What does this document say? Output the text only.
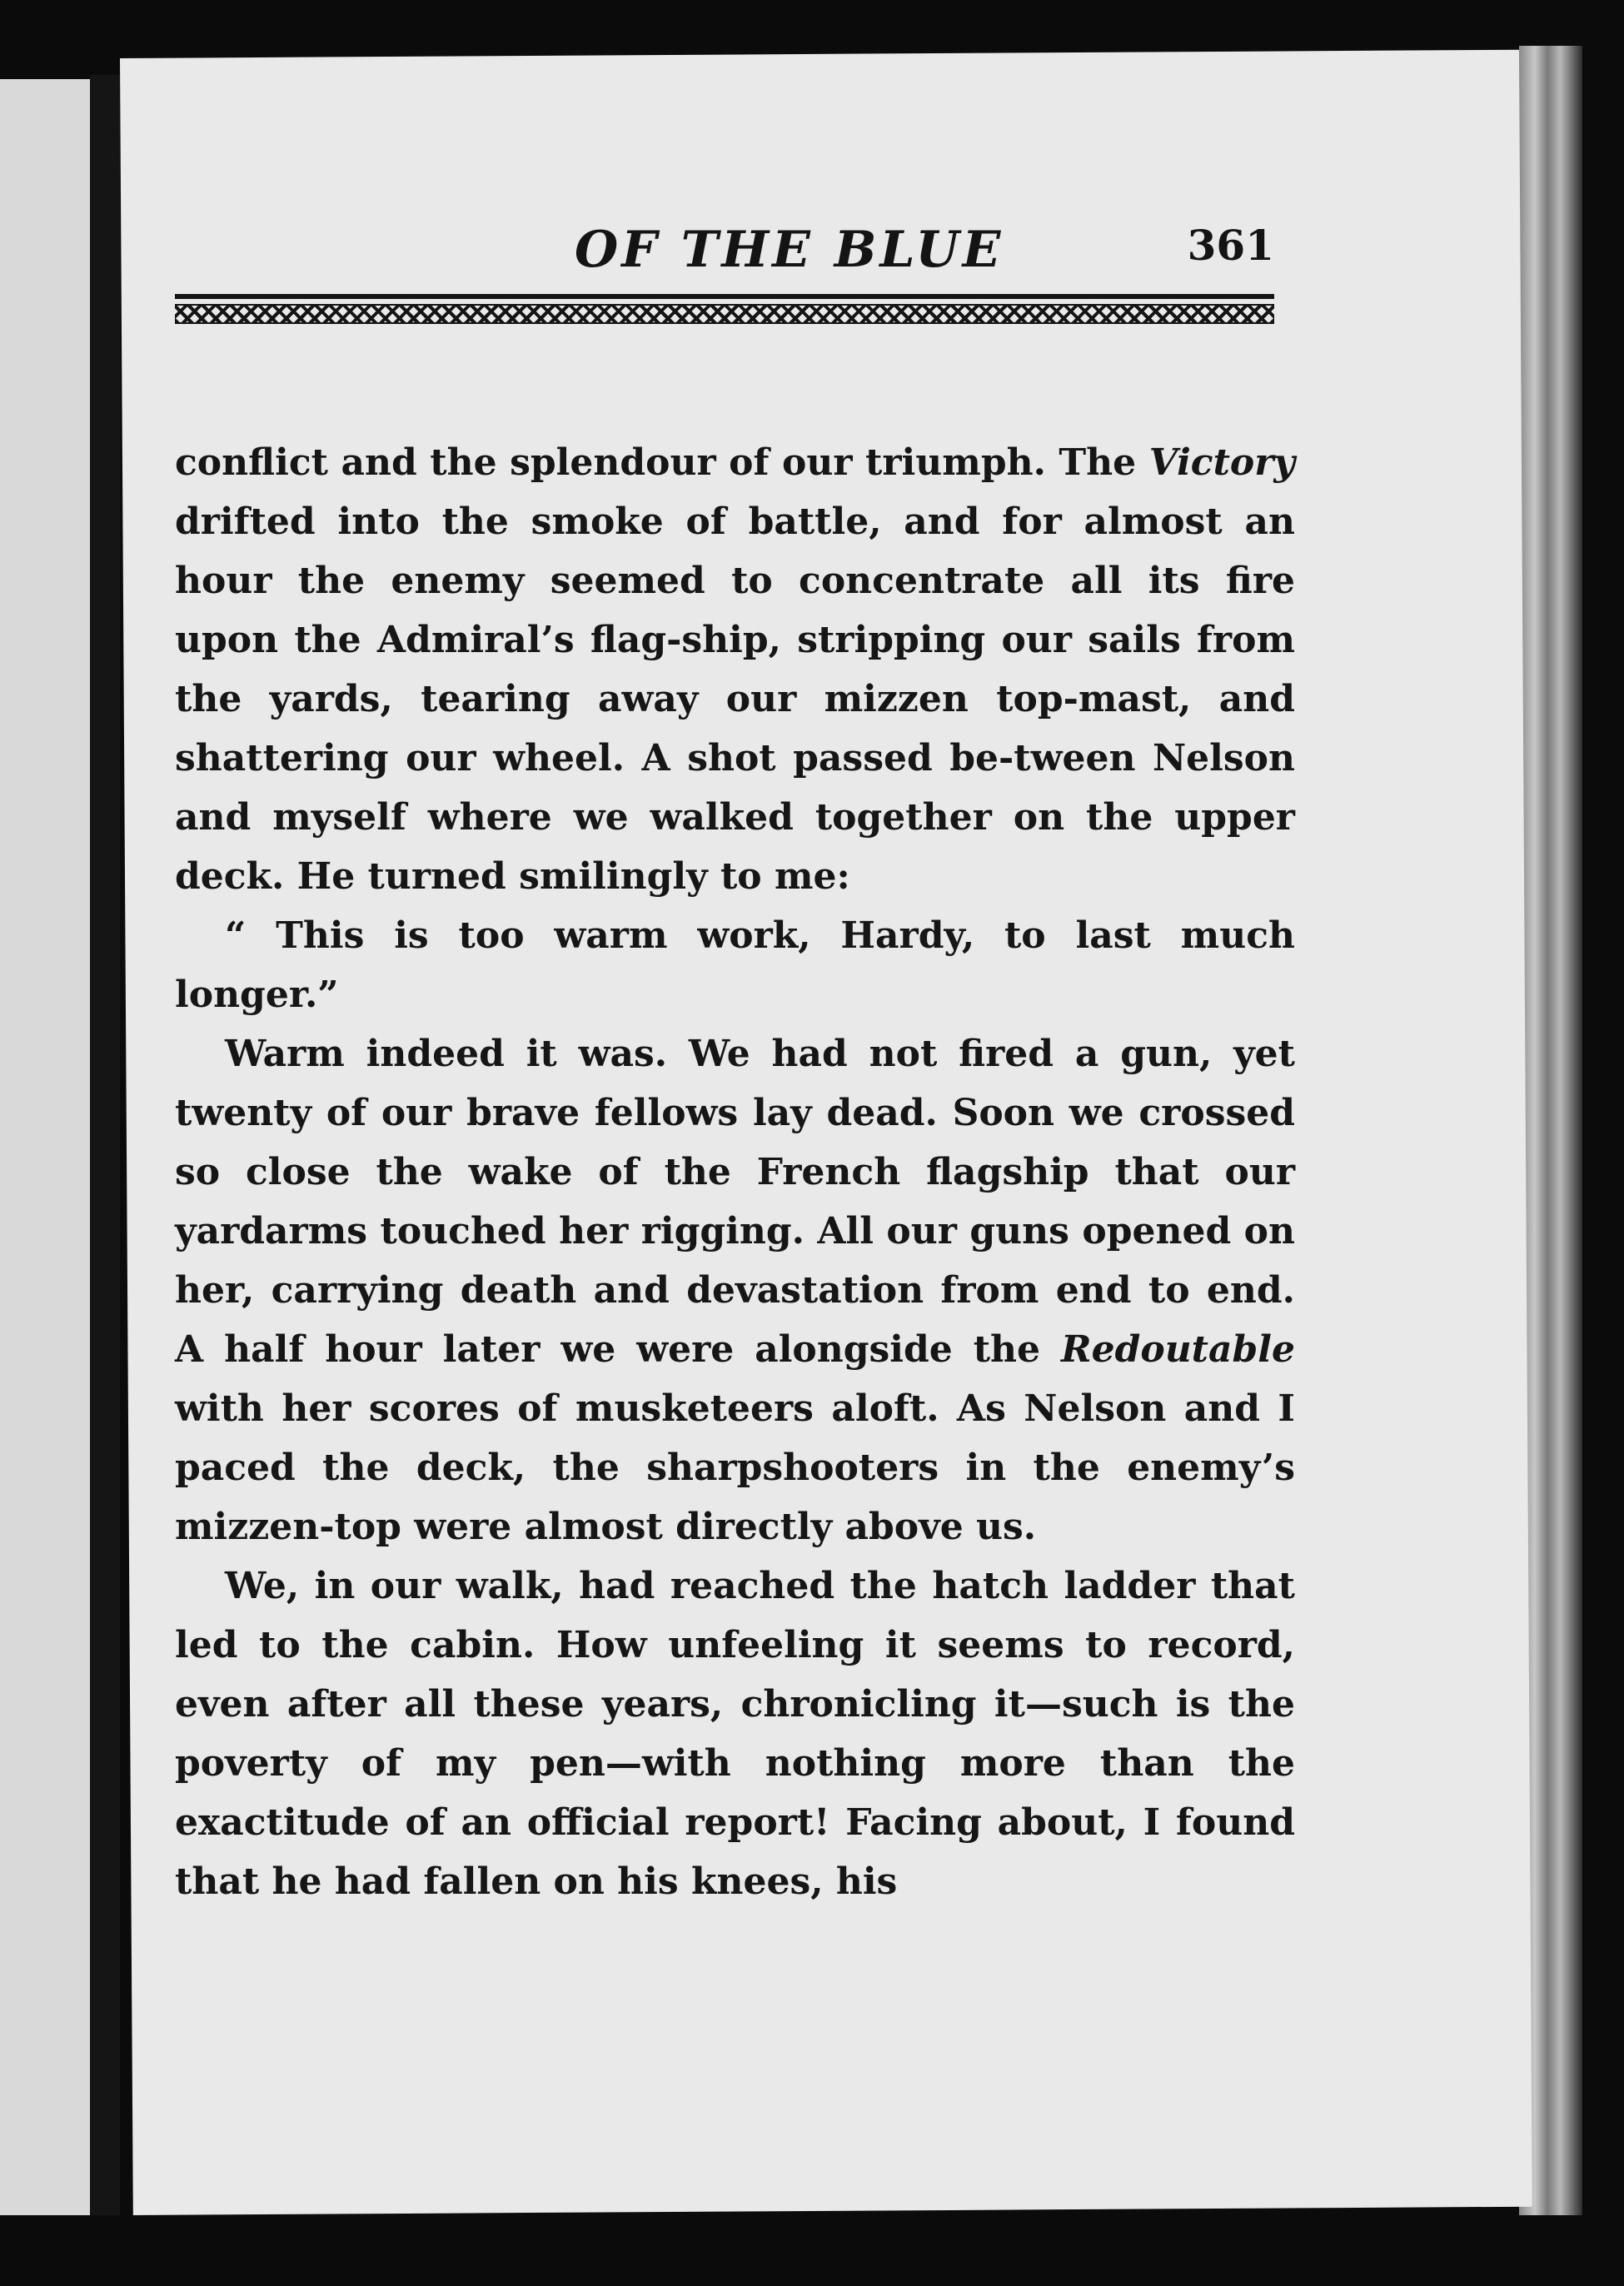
OF THE BLUE	361

conflict and the splendour of our triumph. The Victory drifted into the smoke of battle, and for almost an hour the enemy seemed to concentrate all its fire upon the Admiral’s flag-ship, stripping our sails from the yards, tearing away our mizzen top-mast, and shattering our wheel. A shot passed be-tween Nelson and myself where we walked together on the upper deck. He turned smilingly to me:

“ This is too warm work, Hardy, to last much longer.”

Warm indeed it was. We had not fired a gun, yet twenty of our brave fellows lay dead. Soon we crossed so close the wake of the French flagship that our yardarms touched her rigging. All our guns opened on her, carrying death and devastation from end to end. A half hour later we were alongside the Redoutable with her scores of musketeers aloft. As Nelson and I paced the deck, the sharpshooters in the enemy’s mizzen-top were almost directly above us.

We, in our walk, had reached the hatch ladder that led to the cabin. How unfeeling it seems to record, even after all these years, chronicling it—such is the poverty of my pen—with nothing more than the exactitude of an official report! Facing about, I found that he had fallen on his knees, his
